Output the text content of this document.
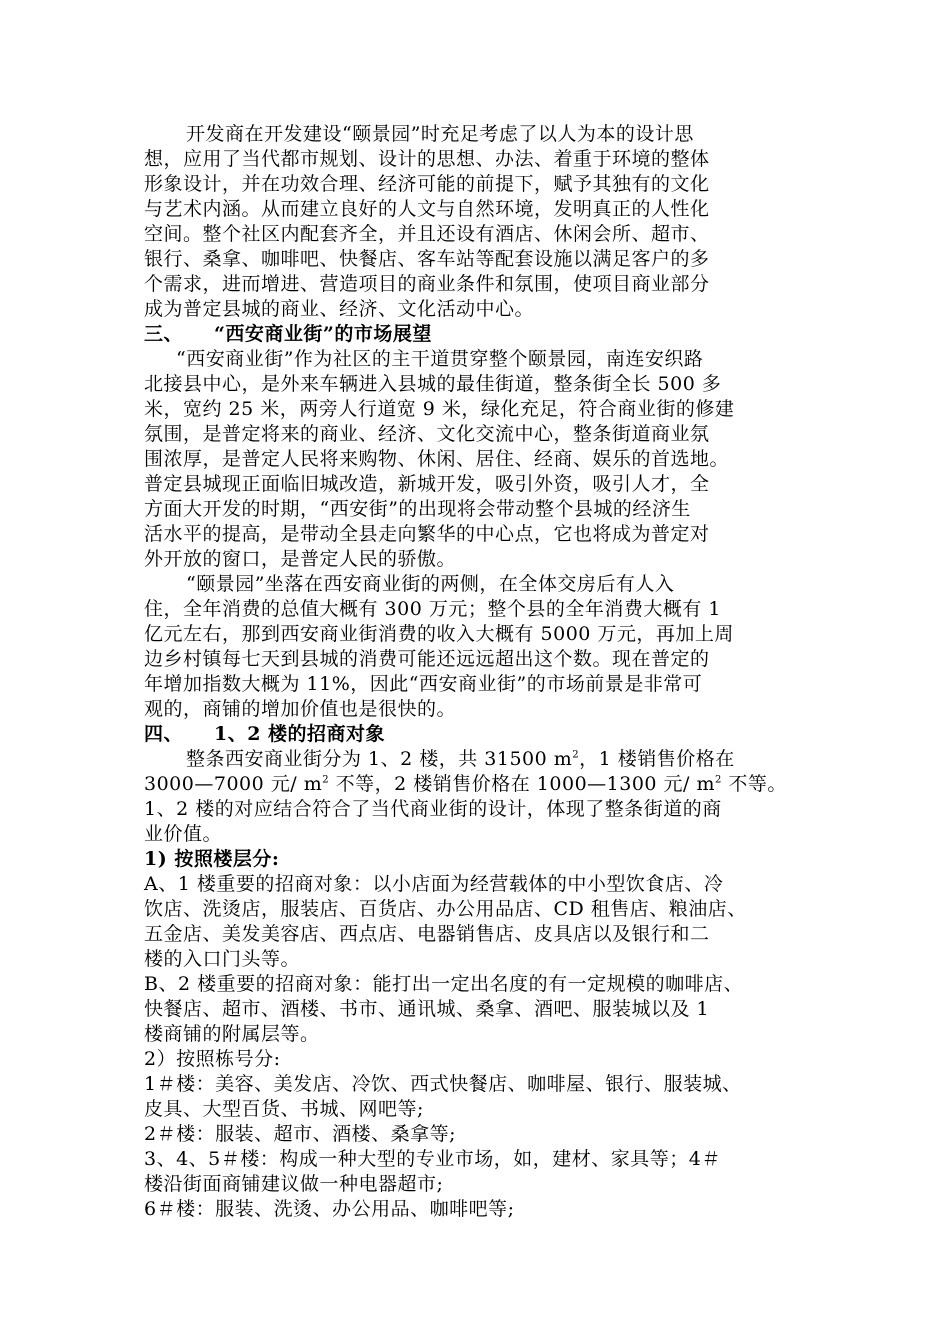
开发商在开发建设“颐景园”时充足考虑了以人为本的设计思
想，应用了当代都市规划、设计的思想、办法、着重于环境的整体
形象设计，并在功效合理、经济可能的前提下，赋予其独有的文化
与艺术内涵。从而建立良好的人文与自然环境，发明真正的人性化
空间。整个社区内配套齐全，并且还设有酒店、休闲会所、超市、
银行、桑拿、咖啡吧、快餐店、客车站等配套设施以满足客户的多
个需求，进而增进、营造项目的商业条件和氛围，使项目商业部分
成为普定县城的商业、经济、文化活动中心。
三、 “西安商业街”的市场展望
“西安商业街”作为社区的主干道贯穿整个颐景园，南连安织路
北接县中心，是外来车辆进入县城的最佳街道，整条街全长 500 多
米，宽约 25 米，两旁人行道宽 9 米，绿化充足，符合商业街的修建
氛围，是普定将来的商业、经济、文化交流中心，整条街道商业氛
围浓厚，是普定人民将来购物、休闲、居住、经商、娱乐的首选地。
普定县城现正面临旧城改造，新城开发，吸引外资，吸引人才，全
方面大开发的时期，“西安街”的出现将会带动整个县城的经济生
活水平的提高，是带动全县走向繁华的中心点，它也将成为普定对
外开放的窗口，是普定人民的骄傲。
“颐景园”坐落在西安商业街的两侧，在全体交房后有人入
住，全年消费的总值大概有 300 万元；整个县的全年消费大概有 1
亿元左右，那到西安商业街消费的收入大概有 5000 万元，再加上周
边乡村镇每七天到县城的消费可能还远远超出这个数。现在普定的
年增加指数大概为 11%，因此“西安商业街”的市场前景是非常可
观的，商铺的增加价值也是很快的。
四、 1、2 楼的招商对象
整条西安商业街分为 1、2 楼，共 31500 $m^2$，1 楼销售价格在
3000—7000 元/ $m^2$ 不等，2 楼销售价格在 1000—1300 元/ $m^2$ 不等。
1、2 楼的对应结合符合了当代商业街的设计，体现了整条街道的商
业价值。
1) 按照楼层分:
A、1 楼重要的招商对象：以小店面为经营载体的中小型饮食店、冷
饮店、洗烫店，服装店、百货店、办公用品店、CD 租售店、粮油店、
五金店、美发美容店、西点店、电器销售店、皮具店以及银行和二
楼的入口门头等。
B、2 楼重要的招商对象：能打出一定出名度的有一定规模的咖啡店、
快餐店、超市、酒楼、书市、通讯城、桑拿、酒吧、服装城以及 1
楼商铺的附属层等。
2）按照栋号分:
1＃楼：美容、美发店、冷饮、西式快餐店、咖啡屋、银行、服装城、
皮具、大型百货、书城、网吧等;
2＃楼：服装、超市、酒楼、桑拿等;
3、4、5＃楼：构成一种大型的专业市场，如，建材、家具等；4＃
楼沿街面商铺建议做一种电器超市;
6＃楼：服装、洗烫、办公用品、咖啡吧等;
